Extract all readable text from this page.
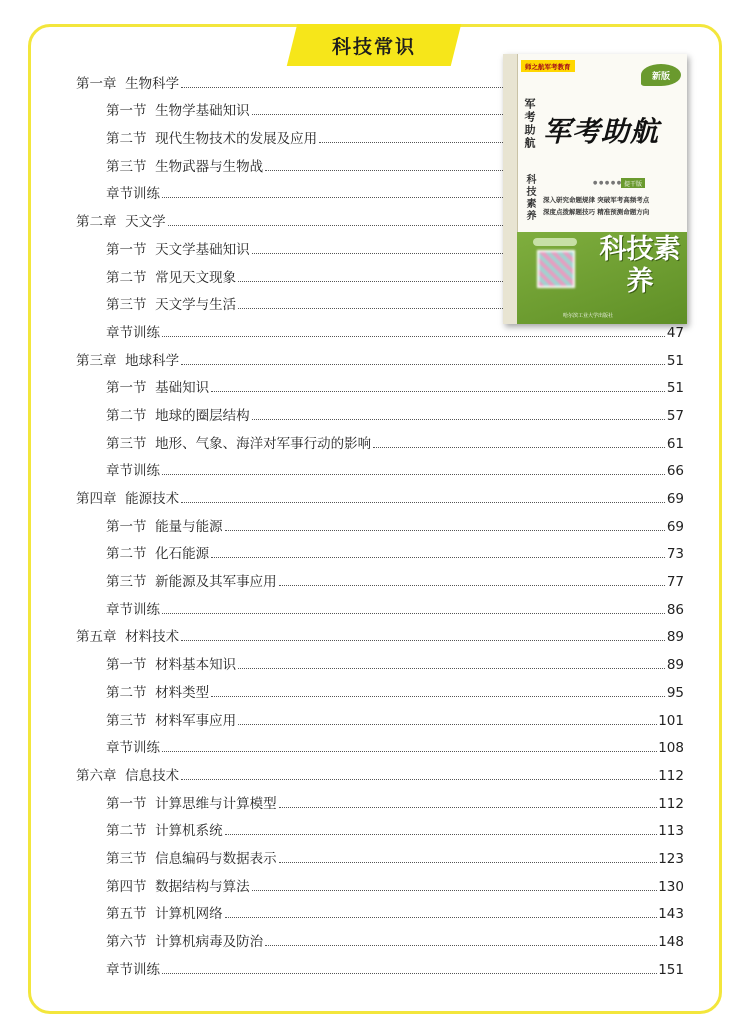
科技常识
第一章  生物科学
第一节  生物学基础知识
第二节  现代生物技术的发展及应用
第三节  生物武器与生物战
章节训练
第二章  天文学
第一节  天文学基础知识
第二节  常见天文现象
第三节  天文学与生活
章节训练	47
第三章  地球科学	51
第一节  基础知识	51
第二节  地球的圈层结构	57
第三节  地形、气象、海洋对军事行动的影响	61
章节训练	66
第四章  能源技术	69
第一节  能量与能源	69
第二节  化石能源	73
第三节  新能源及其军事应用	77
章节训练	86
第五章  材料技术	89
第一节  材料基本知识	89
第二节  材料类型	95
第三节  材料军事应用	101
章节训练	108
第六章  信息技术	112
第一节  计算思维与计算模型	112
第二节  计算机系统	113
第三节  信息编码与数据表示	123
第四节  数据结构与算法	130
第五节  计算机网络	143
第六节  计算机病毒及防治	148
章节训练	151
师之航军考教育
新版
军考助航
科技素养
军考助航
● ● ● ● ● 提干版
深入研究命题规律 突破军考高频考点
深度点拨解题技巧 精准预测命题方向
科技素养
哈尔滨工业大学出版社
